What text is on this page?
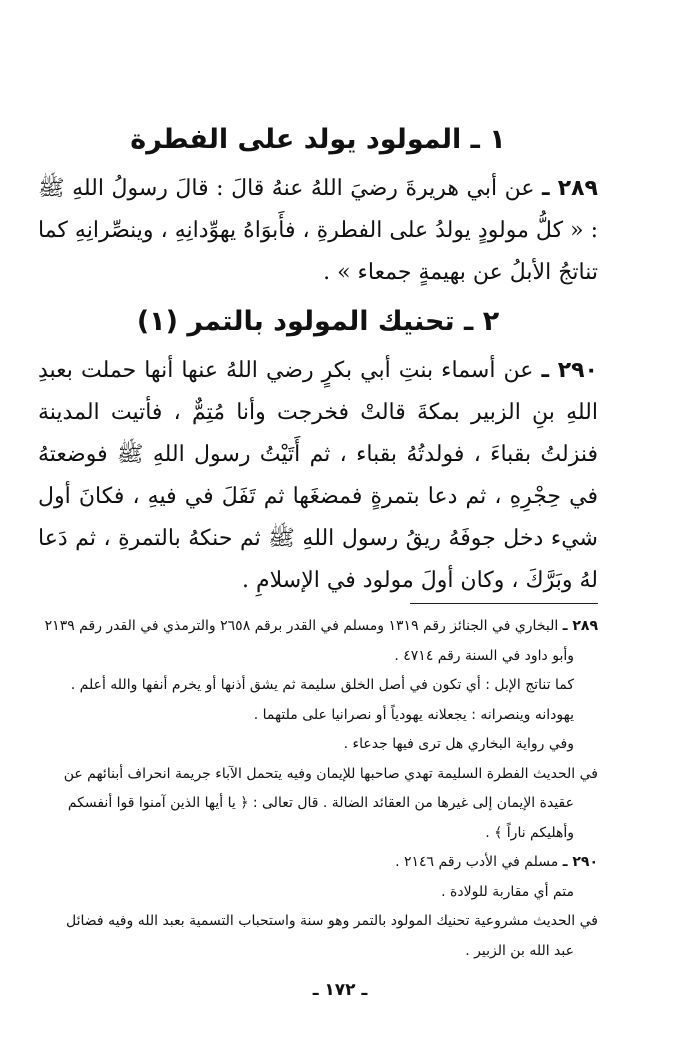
١ ـ المولود يولد على الفطرة

٢٨٩ ـ عن أبي هريرةَ رضيَ اللهُ عنهُ قالَ : قالَ رسولُ اللهِ ﷺ : « كلُّ مولودٍ يولدُ على الفطرةِ ، فأَبوَاهُ يهوِّدانِهِ ، وينصِّرانِهِ كما تناتجُ الأبلُ عن بهيمةٍ جمعاء » .

٢ ـ تحنيك المولود بالتمر (١)

٢٩٠ ـ عن أسماء بنتِ أبي بكرٍ رضي اللهُ عنها أنها حملت بعبدِ اللهِ بنِ الزبير بمكةَ قالتْ فخرجت وأنا مُتِمٌّ ، فأتيت المدينة فنزلتُ بقباءَ ، فولدتُهُ بقباء ، ثم أَتَيْتُ رسول اللهِ ﷺ فوضعتهُ في حِجْرِهِ ، ثم دعا بتمرةٍ فمضغَها ثم تَفَلَ في فيهِ ، فكانَ أول شيء دخل جوفَهُ ريقُ رسول اللهِ ﷺ ثم حنكهُ بالتمرةِ ، ثم دَعا لهُ وبَرَّكَ ، وكان أولَ مولود في الإسلامِ .

٢٨٩ ـ البخاري في الجنائز رقم ١٣١٩ ومسلم في القدر برقم ٢٦٥٨ والترمذي في القدر رقم ٢١٣٩

وأبو داود في السنة رقم ٤٧١٤ .

كما تناتج الإبل : أي تكون في أصل الخلق سليمة ثم يشق أذنها أو يخرم أنفها والله أعلم .

يهودانه وينصرانه : يجعلانه يهودياً أو نصرانيا على ملتهما .

وفي رواية البخاري هل ترى فيها جدعاء .

في الحديث الفطرة السليمة تهدي صاحبها للإيمان وفيه يتحمل الآباء جريمة انحراف أبنائهم عن

عقيدة الإيمان إلى غيرها من العقائد الضالة . قال تعالى : ﴿ يا أيها الذين آمنوا قوا أنفسكم

وأهليكم ناراً ﴾ .

٢٩٠ ـ مسلم في الأدب رقم ٢١٤٦ .

متم أي مقاربة للولادة .

في الحديث مشروعية تحنيك المولود بالتمر وهو سنة واستحباب التسمية بعبد الله وفيه فضائل

عبد الله بن الزبير .

ـ ١٧٢ ـ
